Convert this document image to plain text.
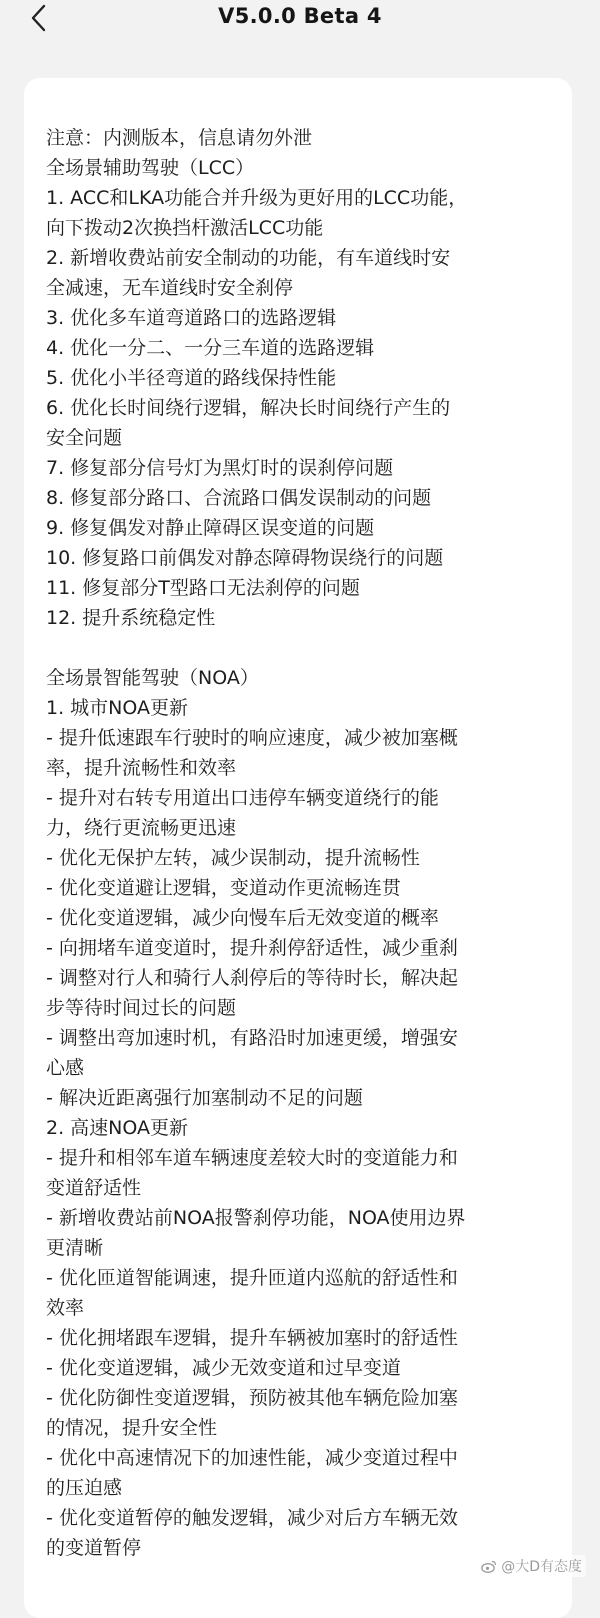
V5.0.0 Beta 4
注意：内测版本，信息请勿外泄
全场景辅助驾驶（LCC）
1. ACC和LKA功能合并升级为更好用的LCC功能，
向下拨动2次换挡杆激活LCC功能
2. 新增收费站前安全制动的功能，有车道线时安
全减速，无车道线时安全刹停
3. 优化多车道弯道路口的选路逻辑
4. 优化一分二、一分三车道的选路逻辑
5. 优化小半径弯道的路线保持性能
6. 优化长时间绕行逻辑，解决长时间绕行产生的
安全问题
7. 修复部分信号灯为黑灯时的误刹停问题
8. 修复部分路口、合流路口偶发误制动的问题
9. 修复偶发对静止障碍区误变道的问题
10. 修复路口前偶发对静态障碍物误绕行的问题
11. 修复部分T型路口无法刹停的问题
12. 提升系统稳定性
全场景智能驾驶（NOA）
1. 城市NOA更新
- 提升低速跟车行驶时的响应速度，减少被加塞概
率，提升流畅性和效率
- 提升对右转专用道出口违停车辆变道绕行的能
力，绕行更流畅更迅速
- 优化无保护左转，减少误制动，提升流畅性
- 优化变道避让逻辑，变道动作更流畅连贯
- 优化变道逻辑，减少向慢车后无效变道的概率
- 向拥堵车道变道时，提升刹停舒适性，减少重刹
- 调整对行人和骑行人刹停后的等待时长，解决起
步等待时间过长的问题
- 调整出弯加速时机，有路沿时加速更缓，增强安
心感
- 解决近距离强行加塞制动不足的问题
2. 高速NOA更新
- 提升和相邻车道车辆速度差较大时的变道能力和
变道舒适性
- 新增收费站前NOA报警刹停功能，NOA使用边界
更清晰
- 优化匝道智能调速，提升匝道内巡航的舒适性和
效率
- 优化拥堵跟车逻辑，提升车辆被加塞时的舒适性
- 优化变道逻辑，减少无效变道和过早变道
- 优化防御性变道逻辑，预防被其他车辆危险加塞
的情况，提升安全性
- 优化中高速情况下的加速性能，减少变道过程中
的压迫感
- 优化变道暂停的触发逻辑，减少对后方车辆无效
的变道暂停
@大D有态度
